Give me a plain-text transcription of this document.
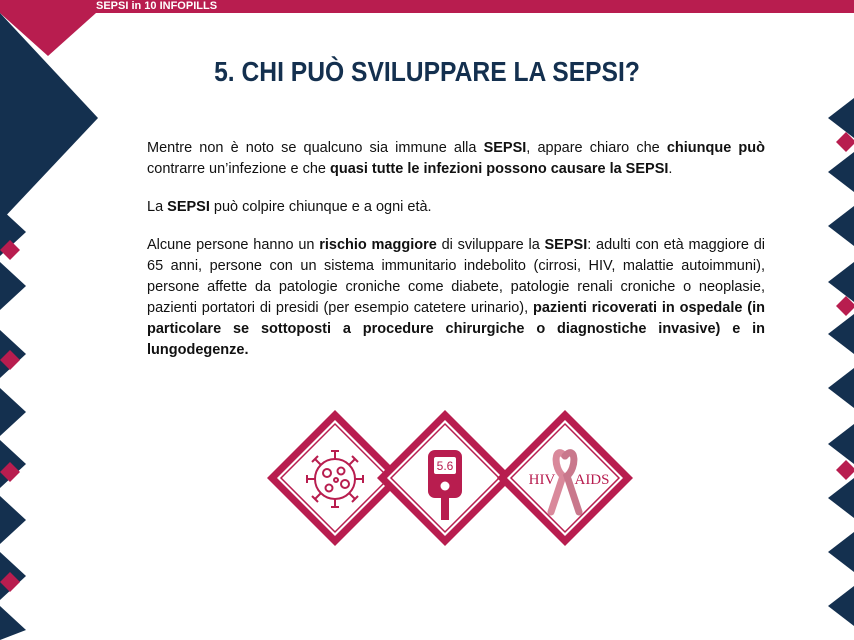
SEPSI in 10 INFOPILLS
5. CHI PUÒ SVILUPPARE LA SEPSI?

Mentre non è noto se qualcuno sia immune alla SEPSI, appare chiaro che chiunque può contrarre un’infezione e che quasi tutte le infezioni possono causare la SEPSI.

La SEPSI può colpire chiunque e a ogni età.

Alcune persone hanno un rischio maggiore di sviluppare la SEPSI: adulti con età maggiore di 65 anni, persone con un sistema immunitario indebolito (cirrosi, HIV, malattie autoimmuni), persone affette da patologie croniche come diabete, patologie renali croniche o neoplasie, pazienti portatori di presidi (per esempio catetere urinario), pazienti ricoverati in ospedale (in particolare se sottoposti a procedure chirurgiche o diagnostiche invasive) e in lungodegenze.

5.6
HIV AIDS
